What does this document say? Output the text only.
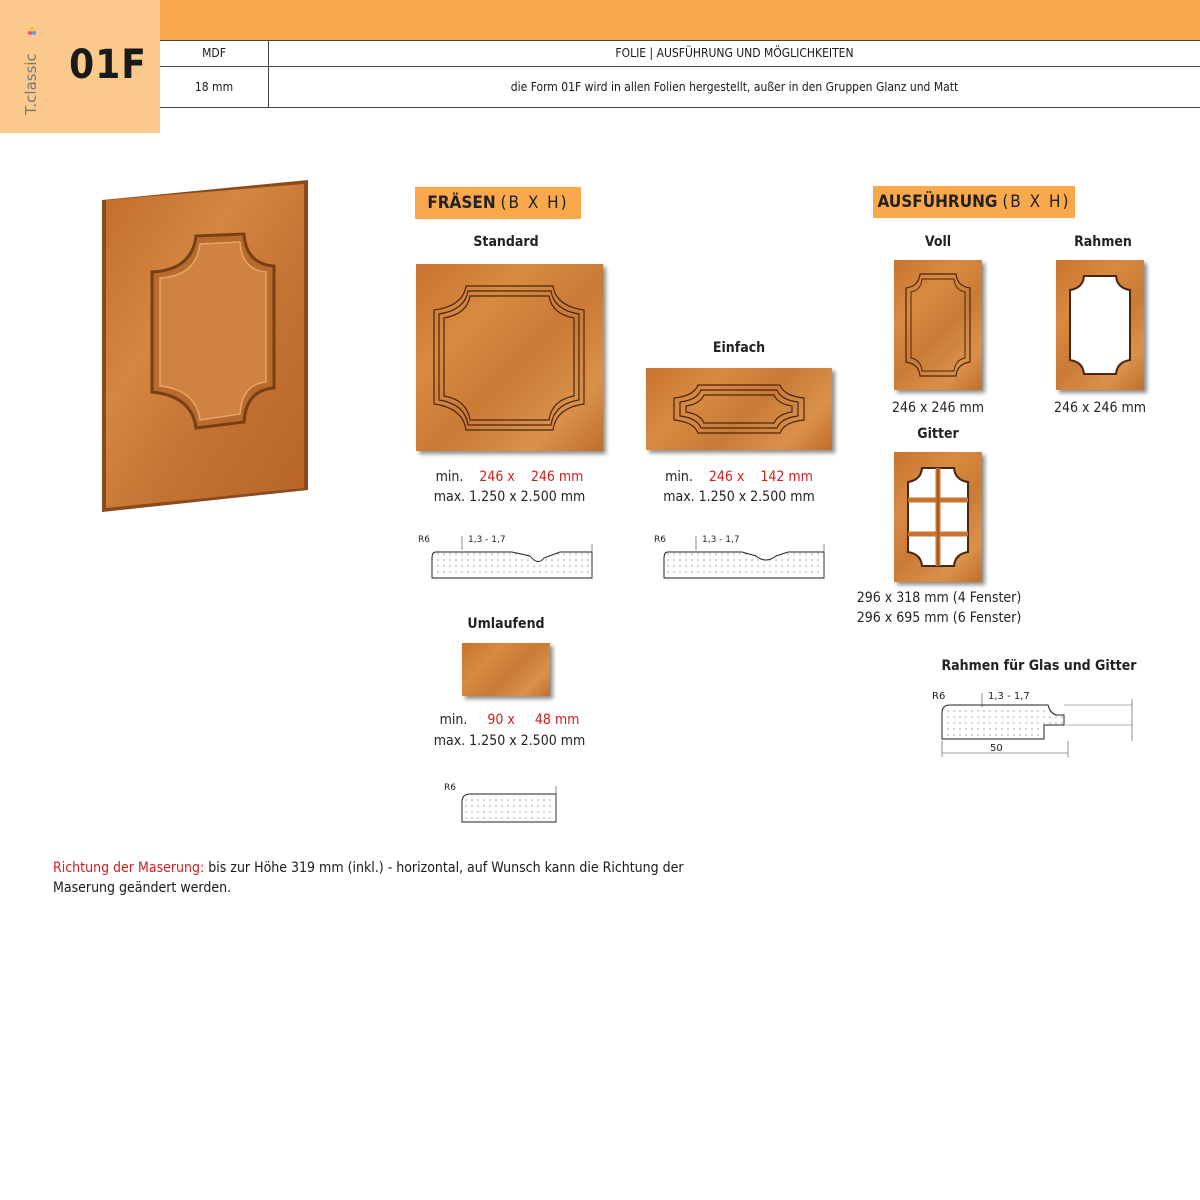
T.classic 01F	MDF	FOLIE | AUSFÜHRUNG UND MÖGLICHKEITEN
18 mm	die Form 01F wird in allen Folien hergestellt, außer in den Gruppen Glanz und Matt
FRÄSEN (B X H)
Standard
min. 246 x 246 mm
max. 1.250 x 2.500 mm
R6	1,3 - 1,7
Einfach
min. 246 x 142 mm
max. 1.250 x 2.500 mm
R6	1,3 - 1,7
Umlaufend
min. 90 x 48 mm
max. 1.250 x 2.500 mm
R6
AUSFÜHRUNG (B X H)
Voll
246 x 246 mm
Rahmen
246 x 246 mm
Gitter
296 x 318 mm (4 Fenster)
296 x 695 mm (6 Fenster)
Rahmen für Glas und Gitter
R6	1,3 - 1,7
50
Richtung der Maserung: bis zur Höhe 319 mm (inkl.) - horizontal, auf Wunsch kann die Richtung der Maserung geändert werden.
